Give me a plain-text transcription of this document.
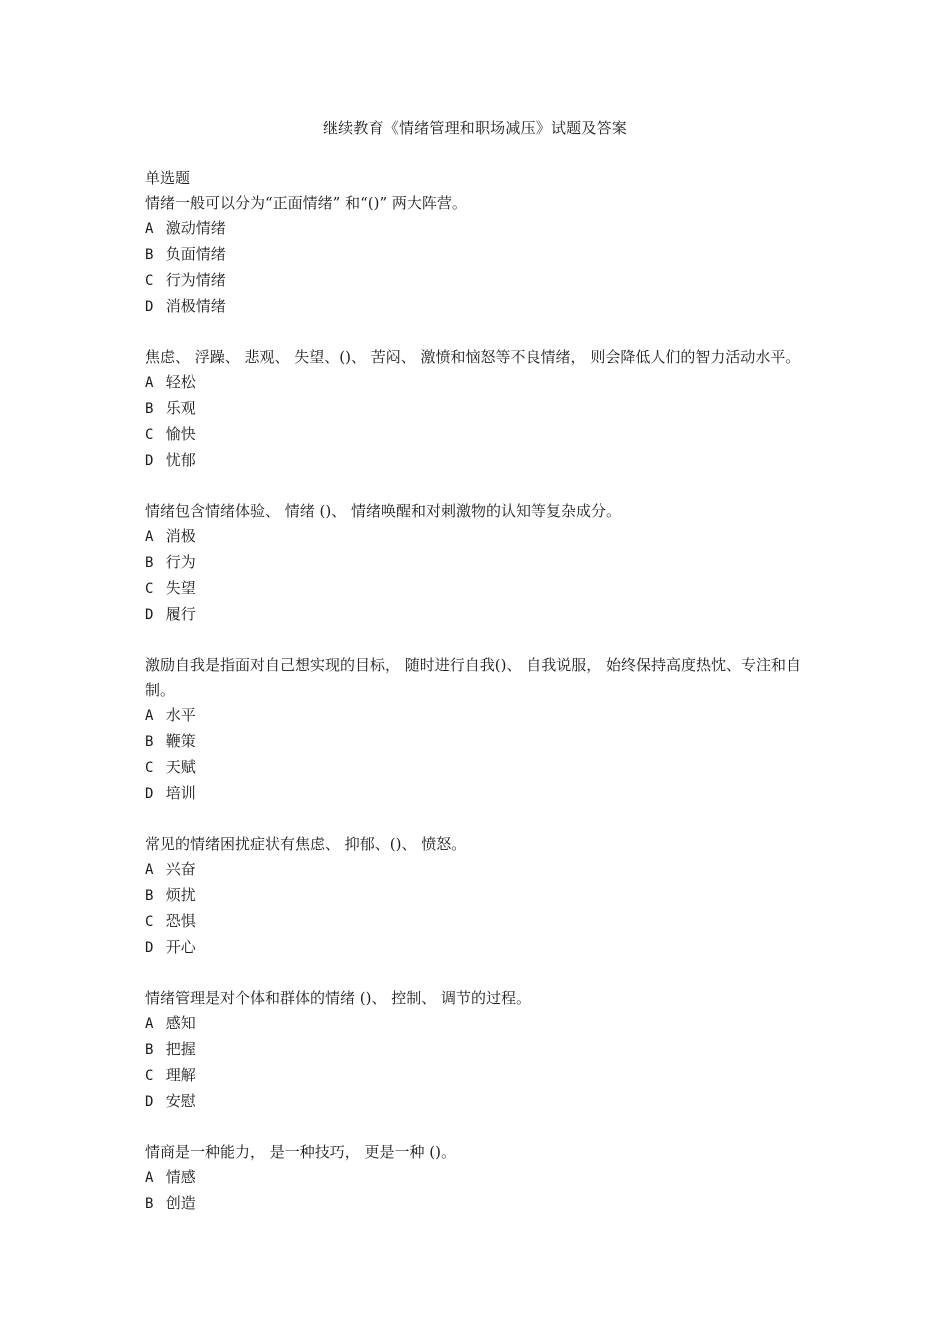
继续教育《情绪管理和职场减压》试题及答案

单选题

情绪一般可以分为“正面情绪” 和“()” 两大阵营。

A 激动情绪
B 负面情绪
C 行为情绪
D 消极情绪

焦虑、 浮躁、 悲观、 失望、()、 苦闷、 激愤和恼怒等不良情绪， 则会降低人们的智力活动水平。

A 轻松
B 乐观
C 愉快
D 忧郁

情绪包含情绪体验、 情绪 ()、 情绪唤醒和对刺激物的认知等复杂成分。

A 消极
B 行为
C 失望
D 履行

激励自我是指面对自己想实现的目标， 随时进行自我()、 自我说服， 始终保持高度热忱、专注和自制。

A 水平
B 鞭策
C 天赋
D 培训

常见的情绪困扰症状有焦虑、 抑郁、()、 愤怒。

A 兴奋
B 烦扰
C 恐惧
D 开心

情绪管理是对个体和群体的情绪 ()、 控制、 调节的过程。

A 感知
B 把握
C 理解
D 安慰

情商是一种能力， 是一种技巧， 更是一种 ()。

A 情感
B 创造
